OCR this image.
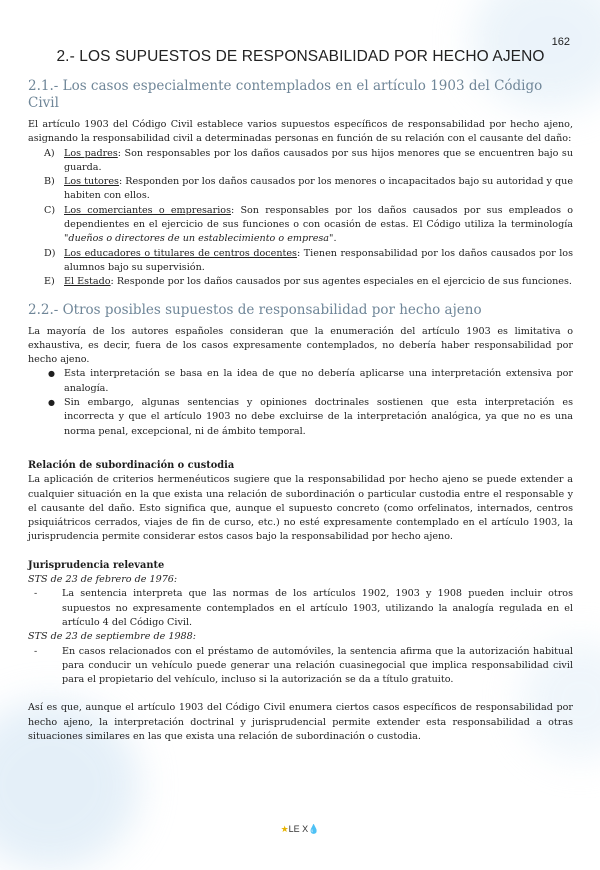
162
2.- LOS SUPUESTOS DE RESPONSABILIDAD POR HECHO AJENO
2.1.- Los casos especialmente contemplados en el artículo 1903 del Código Civil

El artículo 1903 del Código Civil establece varios supuestos específicos de responsabilidad por hecho ajeno, asignando la responsabilidad civil a determinadas personas en función de su relación con el causante del daño:

A) Los padres: Son responsables por los daños causados por sus hijos menores que se encuentren bajo su guarda.
B) Los tutores: Responden por los daños causados por los menores o incapacitados bajo su autoridad y que habiten con ellos.
C) Los comerciantes o empresarios: Son responsables por los daños causados por sus empleados o dependientes en el ejercicio de sus funciones o con ocasión de estas. El Código utiliza la terminología "dueños o directores de un establecimiento o empresa".
D) Los educadores o titulares de centros docentes: Tienen responsabilidad por los daños causados por los alumnos bajo su supervisión.
E) El Estado: Responde por los daños causados por sus agentes especiales en el ejercicio de sus funciones.
2.2.- Otros posibles supuestos de responsabilidad por hecho ajeno

La mayoría de los autores españoles consideran que la enumeración del artículo 1903 es limitativa o exhaustiva, es decir, fuera de los casos expresamente contemplados, no debería haber responsabilidad por hecho ajeno.

● Esta interpretación se basa en la idea de que no debería aplicarse una interpretación extensiva por analogía.
● Sin embargo, algunas sentencias y opiniones doctrinales sostienen que esta interpretación es incorrecta y que el artículo 1903 no debe excluirse de la interpretación analógica, ya que no es una norma penal, excepcional, ni de ámbito temporal.

Relación de subordinación o custodia

La aplicación de criterios hermenéuticos sugiere que la responsabilidad por hecho ajeno se puede extender a cualquier situación en la que exista una relación de subordinación o particular custodia entre el responsable y el causante del daño. Esto significa que, aunque el supuesto concreto (como orfelinatos, internados, centros psiquiátricos cerrados, viajes de fin de curso, etc.) no esté expresamente contemplado en el artículo 1903, la jurisprudencia permite considerar estos casos bajo la responsabilidad por hecho ajeno.

Jurisprudencia relevante

STS de 23 de febrero de 1976:

-	La sentencia interpreta que las normas de los artículos 1902, 1903 y 1908 pueden incluir otros supuestos no expresamente contemplados en el artículo 1903, utilizando la analogía regulada en el artículo 4 del Código Civil.

STS de 23 de septiembre de 1988:

-	En casos relacionados con el préstamo de automóviles, la sentencia afirma que la autorización habitual para conducir un vehículo puede generar una relación cuasinegocial que implica responsabilidad civil para el propietario del vehículo, incluso si la autorización se da a título gratuito.

Así es que, aunque el artículo 1903 del Código Civil enumera ciertos casos específicos de responsabilidad por hecho ajeno, la interpretación doctrinal y jurisprudencial permite extender esta responsabilidad a otras situaciones similares en las que exista una relación de subordinación o custodia.

★LE X💧
